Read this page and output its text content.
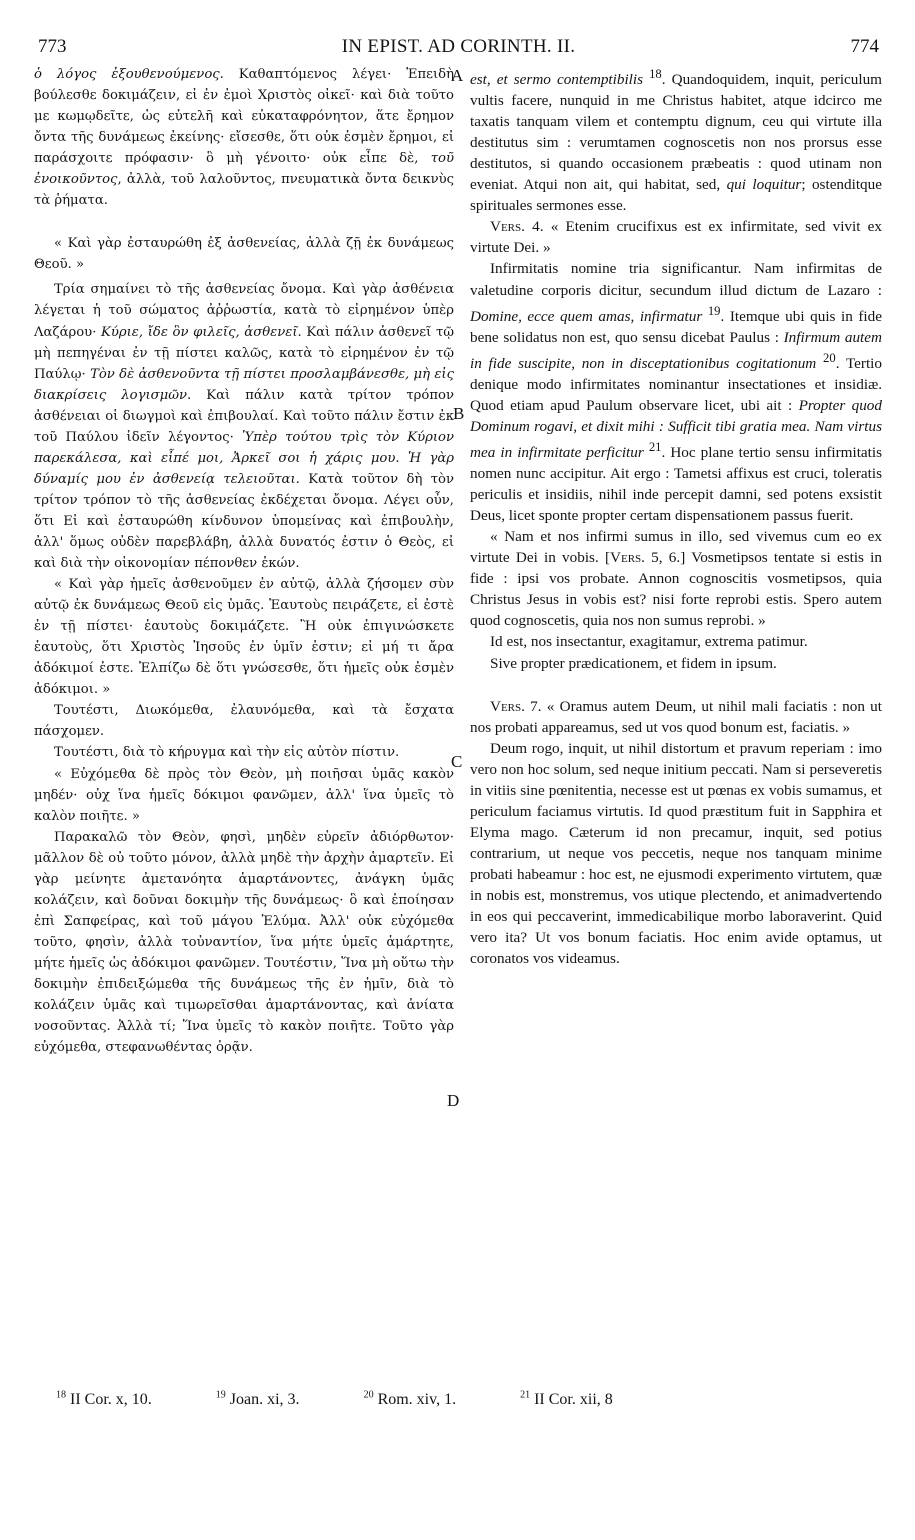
773	IN EPIST. AD CORINTH. II.	774
A
B
C
D

ὁ λόγος ἐξουθενούμενος. Καθαπτόμενος λέγει· Ἐπειδὴ βούλεσθε δοκιμάζειν, εἰ ἐν ἐμοὶ Χριστὸς οἰκεῖ· καὶ διὰ τοῦτο με κωμῳδεῖτε, ὡς εὐτελῆ καὶ εὐκαταφρόνητον, ἅτε ἔρημον ὄντα τῆς δυνάμεως ἐκείνης· εἴσεσθε, ὅτι οὐκ ἐσμὲν ἔρημοι, εἰ παράσχοιτε πρόφασιν· ὃ μὴ γένοιτο· οὐκ εἶπε δὲ, τοῦ ἐνοικοῦντος, ἀλλὰ, τοῦ λαλοῦντος, πνευματικὰ ὄντα δεικνὺς τὰ ῥήματα.

« Καὶ γὰρ ἐσταυρώθη ἐξ ἀσθενείας, ἀλλὰ ζῇ ἐκ δυνάμεως Θεοῦ. »

Τρία σημαίνει τὸ τῆς ἀσθενείας ὄνομα. Καὶ γὰρ ἀσθένεια λέγεται ἡ τοῦ σώματος ἀῤῥωστία, κατὰ τὸ εἰρημένον ὑπὲρ Λαζάρου· Κύριε, ἴδε ὃν φιλεῖς, ἀσθενεῖ. Καὶ πάλιν ἀσθενεῖ τῷ μὴ πεπηγέναι ἐν τῇ πίστει καλῶς, κατὰ τὸ εἰρημένον ἐν τῷ Παύλῳ· Τὸν δὲ ἀσθενοῦντα τῇ πίστει προσλαμβάνεσθε, μὴ εἰς διακρίσεις λογισμῶν. Καὶ πάλιν κατὰ τρίτον τρόπον ἀσθένειαι οἱ διωγμοὶ καὶ ἐπιβουλαί. Καὶ τοῦτο πάλιν ἔστιν ἐκ τοῦ Παύλου ἰδεῖν λέγοντος· Ὑπὲρ τούτου τρὶς τὸν Κύριον παρεκάλεσα, καὶ εἶπέ μοι, Ἀρκεῖ σοι ἡ χάρις μου. Ἡ γὰρ δύναμίς μου ἐν ἀσθενείᾳ τελειοῦται. Κατὰ τοῦτον δὴ τὸν τρίτον τρόπον τὸ τῆς ἀσθενείας ἐκδέχεται ὄνομα. Λέγει οὖν, ὅτι Εἰ καὶ ἐσταυρώθη κίνδυνον ὑπομείνας καὶ ἐπιβουλὴν, ἀλλ' ὅμως οὐδὲν παρεβλάβη, ἀλλὰ δυνατός ἐστιν ὁ Θεὸς, εἰ καὶ διὰ τὴν οἰκονομίαν πέπονθεν ἐκών.

« Καὶ γὰρ ἡμεῖς ἀσθενοῦμεν ἐν αὐτῷ, ἀλλὰ ζήσομεν σὺν αὐτῷ ἐκ δυνάμεως Θεοῦ εἰς ὑμᾶς. Ἑαυτοὺς πειράζετε, εἰ ἐστὲ ἐν τῇ πίστει· ἑαυτοὺς δοκιμάζετε. Ἢ οὐκ ἐπιγινώσκετε ἑαυτοὺς, ὅτι Χριστὸς Ἰησοῦς ἐν ὑμῖν ἐστιν; εἰ μή τι ἄρα ἀδόκιμοί ἐστε. Ἐλπίζω δὲ ὅτι γνώσεσθε, ὅτι ἡμεῖς οὐκ ἐσμὲν ἀδόκιμοι. »

Τουτέστι, Διωκόμεθα, ἐλαυνόμεθα, καὶ τὰ ἔσχατα πάσχομεν.

Τουτέστι, διὰ τὸ κήρυγμα καὶ τὴν εἰς αὐτὸν πίστιν.

« Εὐχόμεθα δὲ πρὸς τὸν Θεὸν, μὴ ποιῆσαι ὑμᾶς κακὸν μηδέν· οὐχ ἵνα ἡμεῖς δόκιμοι φανῶμεν, ἀλλ' ἵνα ὑμεῖς τὸ καλὸν ποιῆτε. »

Παρακαλῶ τὸν Θεὸν, φησὶ, μηδὲν εὑρεῖν ἀδιόρθωτον· μᾶλλον δὲ οὐ τοῦτο μόνον, ἀλλὰ μηδὲ τὴν ἀρχὴν ἁμαρτεῖν. Εἰ γὰρ μείνητε ἀμετανόητα ἁμαρτάνοντες, ἀνάγκη ὑμᾶς κολάζειν, καὶ δοῦναι δοκιμὴν τῆς δυνάμεως· ὃ καὶ ἐποίησαν ἐπὶ Σαπφείρας, καὶ τοῦ μάγου Ἐλύμα. Ἀλλ' οὐκ εὐχόμεθα τοῦτο, φησὶν, ἀλλὰ τοὐναντίον, ἵνα μήτε ὑμεῖς ἁμάρτητε, μήτε ἡμεῖς ὡς ἀδόκιμοι φανῶμεν. Τουτέστιν, Ἵνα μὴ οὕτω τὴν δοκιμὴν ἐπιδειξώμεθα τῆς δυνάμεως τῆς ἐν ἡμῖν, διὰ τὸ κολάζειν ὑμᾶς καὶ τιμωρεῖσθαι ἁμαρτάνοντας, καὶ ἀνίατα νοσοῦντας. Ἀλλὰ τί; Ἵνα ὑμεῖς τὸ κακὸν ποιῆτε. Τοῦτο γὰρ εὐχόμεθα, στεφανωθέντας ὁρᾷν.

est, et sermo contemptibilis $^{18}$. Quandoquidem, inquit, periculum vultis facere, nunquid in me Christus habitet, atque idcirco me taxatis tanquam vilem et contemptu dignum, ceu qui virtute illa destitutus sim : verumtamen cognoscetis non nos prorsus esse destitutos, si quando occasionem præbeatis : quod utinam non eveniat. Atqui non ait, qui habitat, sed, qui loquitur; ostenditque spirituales sermones esse.

Vers. 4. « Etenim crucifixus est ex infirmitate, sed vivit ex virtute Dei. »

Infirmitatis nomine tria significantur. Nam infirmitas de valetudine corporis dicitur, secundum illud dictum de Lazaro : Domine, ecce quem amas, infirmatur $^{19}$. Itemque ubi quis in fide bene solidatus non est, quo sensu dicebat Paulus : Infirmum autem in fide suscipite, non in disceptationibus cogitationum $^{20}$. Tertio denique modo infirmitates nominantur insectationes et insidiæ. Quod etiam apud Paulum observare licet, ubi ait : Propter quod Dominum rogavi, et dixit mihi : Sufficit tibi gratia mea. Nam virtus mea in infirmitate perficitur $^{21}$. Hoc plane tertio sensu infirmitatis nomen nunc accipitur. Ait ergo : Tametsi affixus est cruci, toleratis periculis et insidiis, nihil inde percepit damni, sed potens exsistit Deus, licet sponte propter certam dispensationem passus fuerit.

« Nam et nos infirmi sumus in illo, sed vivemus cum eo ex virtute Dei in vobis. [Vers. 5, 6.] Vosmetipsos tentate si estis in fide : ipsi vos probate. Annon cognoscitis vosmetipsos, quia Christus Jesus in vobis est? nisi forte reprobi estis. Spero autem quod cognoscetis, quia nos non sumus reprobi. »

Id est, nos insectantur, exagitamur, extrema patimur.

Sive propter prædicationem, et fidem in ipsum.

Vers. 7. « Oramus autem Deum, ut nihil mali faciatis : non ut nos probati appareamus, sed ut vos quod bonum est, faciatis. »

Deum rogo, inquit, ut nihil distortum et pravum reperiam : imo vero non hoc solum, sed neque initium peccati. Nam si perseveretis in vitiis sine pœnitentia, necesse est ut pœnas ex vobis sumamus, et periculum faciamus virtutis. Id quod præstitum fuit in Sapphira et Elyma mago. Cæterum id non precamur, inquit, sed potius contrarium, ut neque vos peccetis, neque nos tanquam minime probati habeamur : hoc est, ne ejusmodi experimento virtutem, quæ in nobis est, monstremus, vos utique plectendo, et animadvertendo in eos qui peccaverint, immedicabilique morbo laboraverint. Quid vero ita? Ut vos bonum faciatis. Hoc enim avide optamus, ut coronatos vos videamus.

$^{18}$ II Cor. x, 10.	$^{19}$ Joan. xi, 3.	$^{20}$ Rom. xiv, 1.	$^{21}$ II Cor. xii, 8
